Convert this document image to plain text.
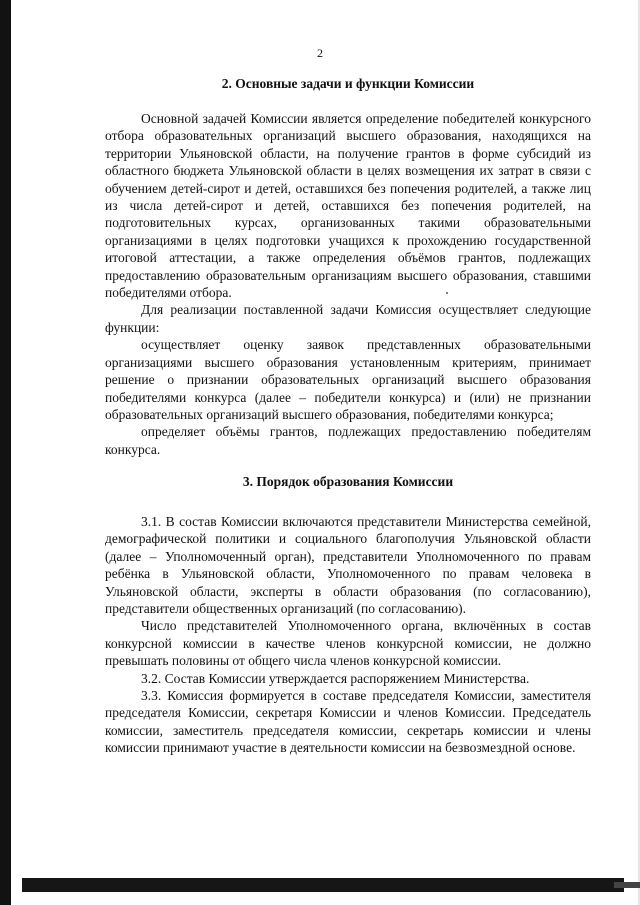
2
2. Основные задачи и функции Комиссии

Основной задачей Комиссии является определение победителей конкурсного отбора образовательных организаций высшего образования, находящихся на территории Ульяновской области, на получение грантов в форме субсидий из областного бюджета Ульяновской области в целях возмещения их затрат в связи с обучением детей-сирот и детей, оставшихся без попечения родителей, а также лиц из числа детей-сирот и детей, оставшихся без попечения родителей, на подготовительных курсах, организованных такими образовательными организациями в целях подготовки учащихся к прохождению государственной итоговой аттестации, а также определения объёмов грантов, подлежащих предоставлению образовательным организациям высшего образования, ставшими победителями отбора.

Для реализации поставленной задачи Комиссия осуществляет следующие функции:

осуществляет оценку заявок представленных образовательными организациями высшего образования установленным критериям, принимает решение о признании образовательных организаций высшего образования победителями конкурса (далее – победители конкурса) и (или) не признании образовательных организаций высшего образования, победителями конкурса;

определяет объёмы грантов, подлежащих предоставлению победителям конкурса.

3. Порядок образования Комиссии

3.1. В состав Комиссии включаются представители Министерства семейной, демографической политики и социального благополучия Ульяновской области (далее – Уполномоченный орган), представители Уполномоченного по правам ребёнка в Ульяновской области, Уполномоченного по правам человека в Ульяновской области, эксперты в области образования (по согласованию), представители общественных организаций (по согласованию).

Число представителей Уполномоченного органа, включённых в состав конкурсной комиссии в качестве членов конкурсной комиссии, не должно превышать половины от общего числа членов конкурсной комиссии.

3.2. Состав Комиссии утверждается распоряжением Министерства.

3.3. Комиссия формируется в составе председателя Комиссии, заместителя председателя Комиссии, секретаря Комиссии и членов Комиссии. Председатель комиссии, заместитель председателя комиссии, секретарь комиссии и члены комиссии принимают участие в деятельности комиссии на безвозмездной основе.
